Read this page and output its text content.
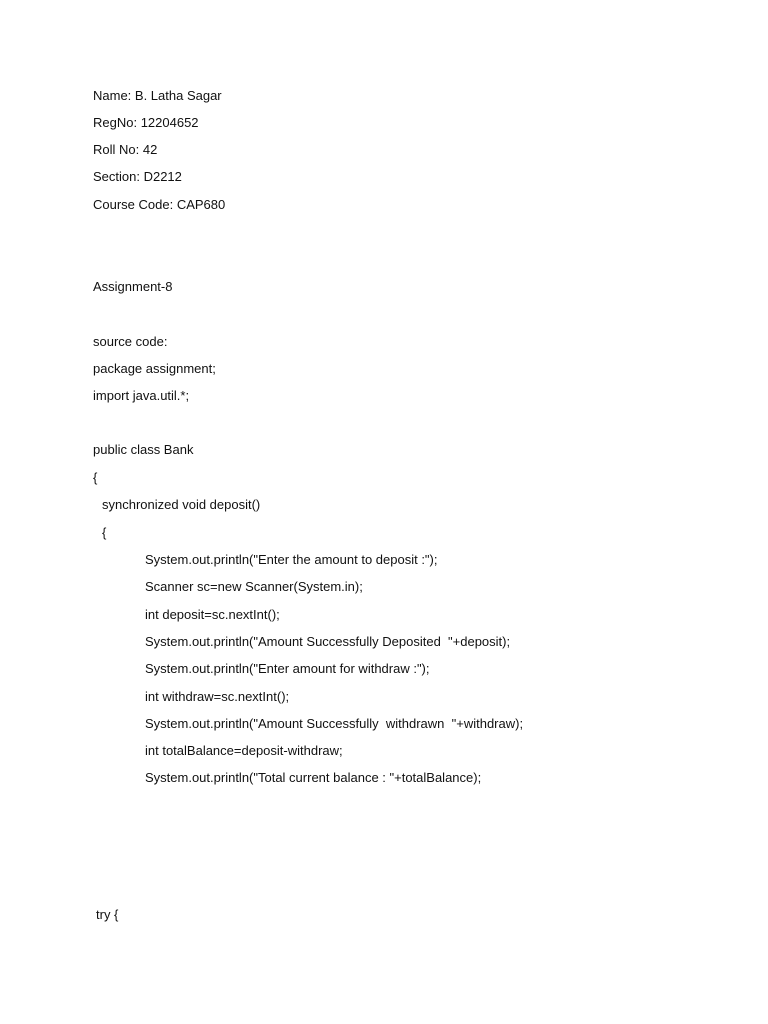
Name: B. Latha Sagar

RegNo: 12204652

Roll No: 42

Section: D2212

Course Code: CAP680

Assignment-8

source code:

package assignment;

import java.util.*;

public class Bank

{

synchronized void deposit()

{

System.out.println("Enter the amount to deposit :");

Scanner sc=new Scanner(System.in);

int deposit=sc.nextInt();

System.out.println("Amount Successfully Deposited  "+deposit);

System.out.println("Enter amount for withdraw :");

int withdraw=sc.nextInt();

System.out.println("Amount Successfully  withdrawn  "+withdraw);

int totalBalance=deposit-withdraw;

System.out.println("Total current balance : "+totalBalance);

try {
